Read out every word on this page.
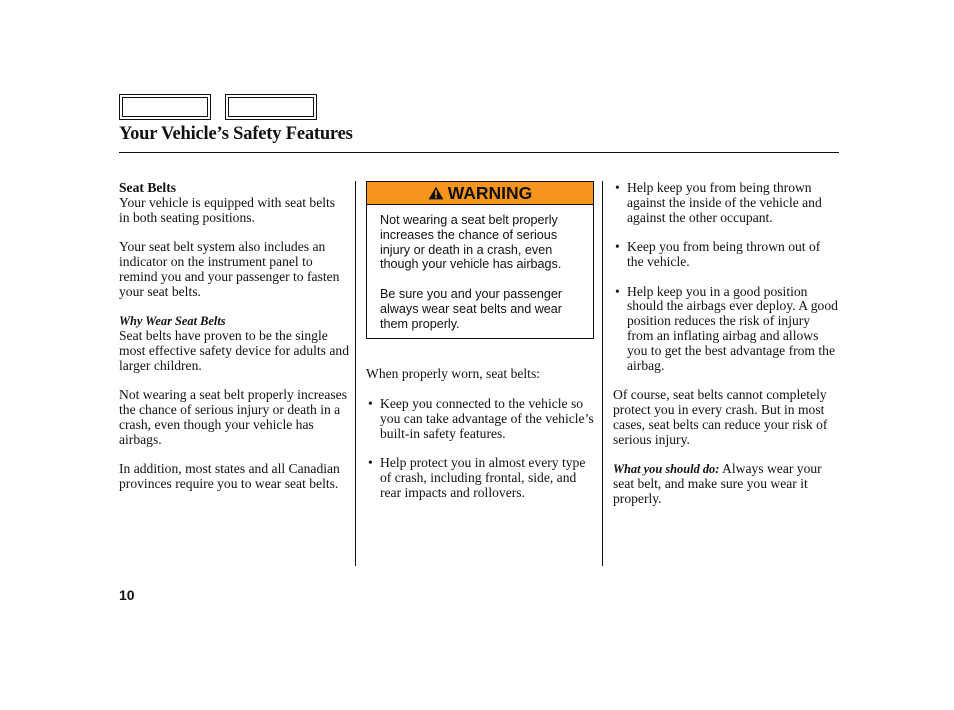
Your Vehicle’s Safety Features
Seat Belts

Your vehicle is equipped with seat belts in both seating positions.

Your seat belt system also includes an indicator on the instrument panel to remind you and your passenger to fasten your seat belts.

Why Wear Seat Belts

Seat belts have proven to be the single most effective safety device for adults and larger children.

Not wearing a seat belt properly increases the chance of serious injury or death in a crash, even though your vehicle has airbags.

In addition, most states and all Canadian provinces require you to wear seat belts.

WARNING

Not wearing a seat belt properly increases the chance of serious injury or death in a crash, even though your vehicle has airbags.

Be sure you and your passenger always wear seat belts and wear them properly.

When properly worn, seat belts:

• Keep you connected to the vehicle so you can take advantage of the vehicle’s built-in safety features.
• Help protect you in almost every type of crash, including frontal, side, and rear impacts and rollovers.
• Help keep you from being thrown against the inside of the vehicle and against the other occupant.
• Keep you from being thrown out of the vehicle.
• Help keep you in a good position should the airbags ever deploy. A good position reduces the risk of injury from an inflating airbag and allows you to get the best advantage from the airbag.

Of course, seat belts cannot completely protect you in every crash. But in most cases, seat belts can reduce your risk of serious injury.

What you should do: Always wear your seat belt, and make sure you wear it properly.

10
